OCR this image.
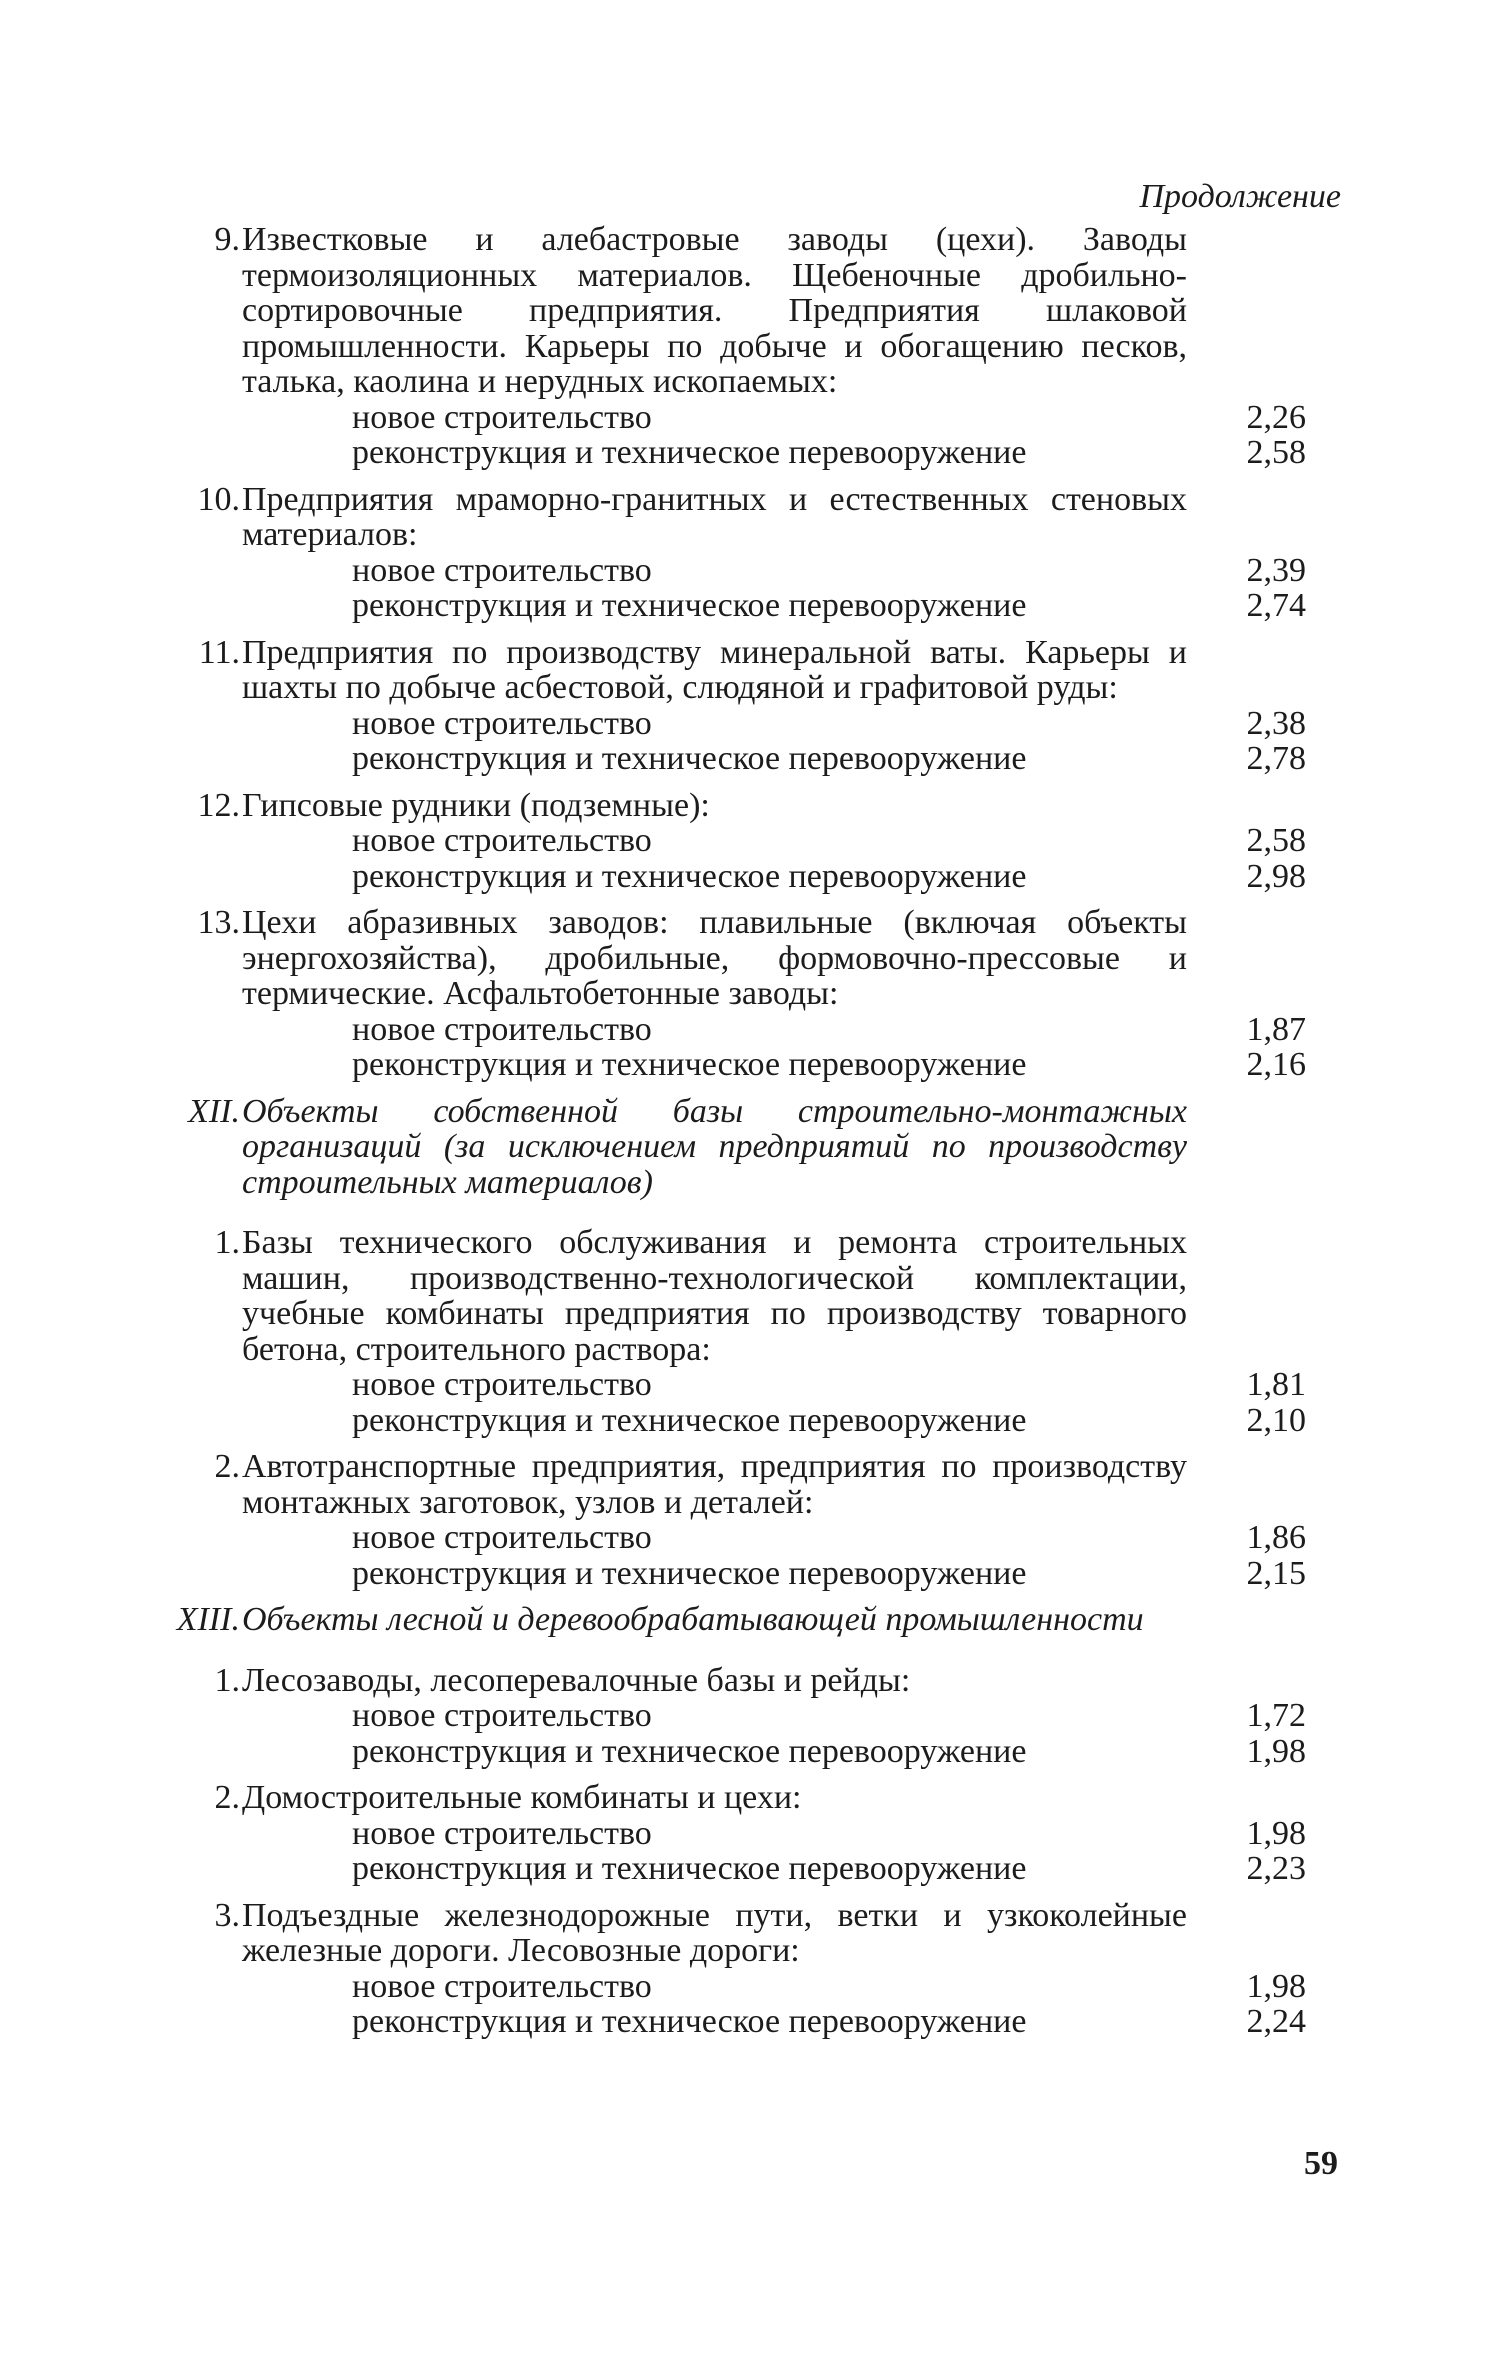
Продолжение
9. Известковые и алебастровые заводы (цехи). Заводы термоизоляционных материалов. Щебеночные дробильно-сортировочные предприятия. Предприятия шлаковой промышленности. Карьеры по добыче и обогащению песков, талька, каолина и нерудных ископаемых:
новое строительство	2,26
реконструкция и техническое перевооружение	2,58
10. Предприятия мраморно-гранитных и естественных стеновых материалов:
новое строительство	2,39
реконструкция и техническое перевооружение	2,74
11. Предприятия по производству минеральной ваты. Карьеры и шахты по добыче асбестовой, слюдяной и графитовой руды:
новое строительство	2,38
реконструкция и техническое перевооружение	2,78
12. Гипсовые рудники (подземные):
новое строительство	2,58
реконструкция и техническое перевооружение	2,98
13. Цехи абразивных заводов: плавильные (включая объекты энергохозяйства), дробильные, формовочно-прессовые и термические. Асфальтобетонные заводы:
новое строительство	1,87
реконструкция и техническое перевооружение	2,16
XII. Объекты собственной базы строительно-монтажных организаций (за исключением предприятий по производству строительных материалов)
1. Базы технического обслуживания и ремонта строительных машин, производственно-технологической комплектации, учебные комбинаты предприятия по производству товарного бетона, строительного раствора:
новое строительство	1,81
реконструкция и техническое перевооружение	2,10
2. Автотранспортные предприятия, предприятия по производству монтажных заготовок, узлов и деталей:
новое строительство	1,86
реконструкция и техническое перевооружение	2,15
XIII. Объекты лесной и деревообрабатывающей промышленности
1. Лесозаводы, лесоперевалочные базы и рейды:
новое строительство	1,72
реконструкция и техническое перевооружение	1,98
2. Домостроительные комбинаты и цехи:
новое строительство	1,98
реконструкция и техническое перевооружение	2,23
3. Подъездные железнодорожные пути, ветки и узкоколейные железные дороги. Лесовозные дороги:
новое строительство	1,98
реконструкция и техническое перевооружение	2,24
59
